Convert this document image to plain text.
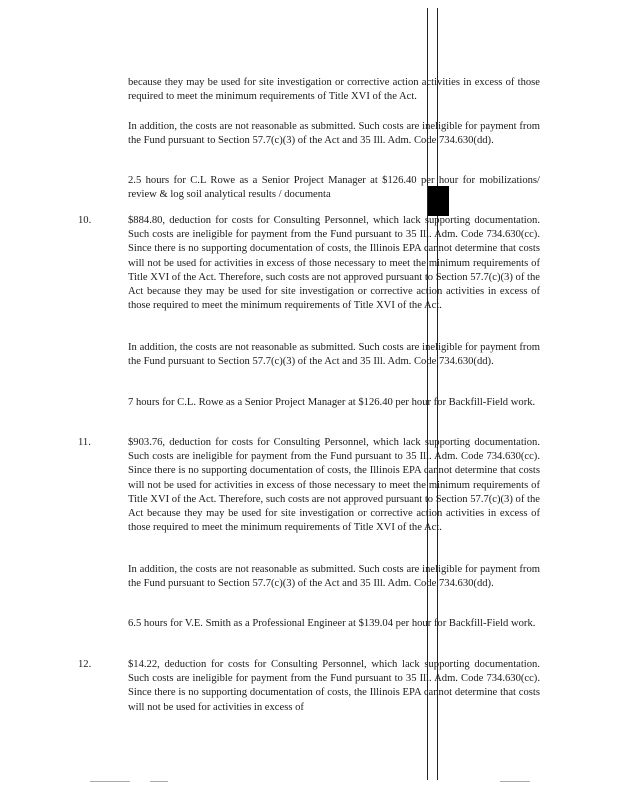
because they may be used for site investigation or corrective action activities in excess of those required to meet the minimum requirements of Title XVI of the Act.

In addition, the costs are not reasonable as submitted. Such costs are ineligible for payment from the Fund pursuant to Section 57.7(c)(3) of the Act and 35 Ill. Adm. Code 734.630(dd).

2.5 hours for C.L Rowe as a Senior Project Manager at $126.40 per hour for mobilizations/ review & log soil analytical results / documenta

10.	$884.80, deduction for costs for Consulting Personnel, which lack supporting documentation. Such costs are ineligible for payment from the Fund pursuant to 35 Ill. Adm. Code 734.630(cc). Since there is no supporting documentation of costs, the Illinois EPA cannot determine that costs will not be used for activities in excess of those necessary to meet the minimum requirements of Title XVI of the Act. Therefore, such costs are not approved pursuant to Section 57.7(c)(3) of the Act because they may be used for site investigation or corrective action activities in excess of those required to meet the minimum requirements of Title XVI of the Act.

In addition, the costs are not reasonable as submitted. Such costs are ineligible for payment from the Fund pursuant to Section 57.7(c)(3) of the Act and 35 Ill. Adm. Code 734.630(dd).

7 hours for C.L. Rowe as a Senior Project Manager at $126.40 per hour for Backfill-Field work.

11.	$903.76, deduction for costs for Consulting Personnel, which lack supporting documentation. Such costs are ineligible for payment from the Fund pursuant to 35 Ill. Adm. Code 734.630(cc). Since there is no supporting documentation of costs, the Illinois EPA cannot determine that costs will not be used for activities in excess of those necessary to meet the minimum requirements of Title XVI of the Act. Therefore, such costs are not approved pursuant to Section 57.7(c)(3) of the Act because they may be used for site investigation or corrective action activities in excess of those required to meet the minimum requirements of Title XVI of the Act.

In addition, the costs are not reasonable as submitted. Such costs are ineligible for payment from the Fund pursuant to Section 57.7(c)(3) of the Act and 35 Ill. Adm. Code 734.630(dd).

6.5 hours for V.E. Smith as a Professional Engineer at $139.04 per hour for Backfill-Field work.

12.	$14.22, deduction for costs for Consulting Personnel, which lack supporting documentation. Such costs are ineligible for payment from the Fund pursuant to 35 Ill. Adm. Code 734.630(cc). Since there is no supporting documentation of costs, the Illinois EPA cannot determine that costs will not be used for activities in excess of
